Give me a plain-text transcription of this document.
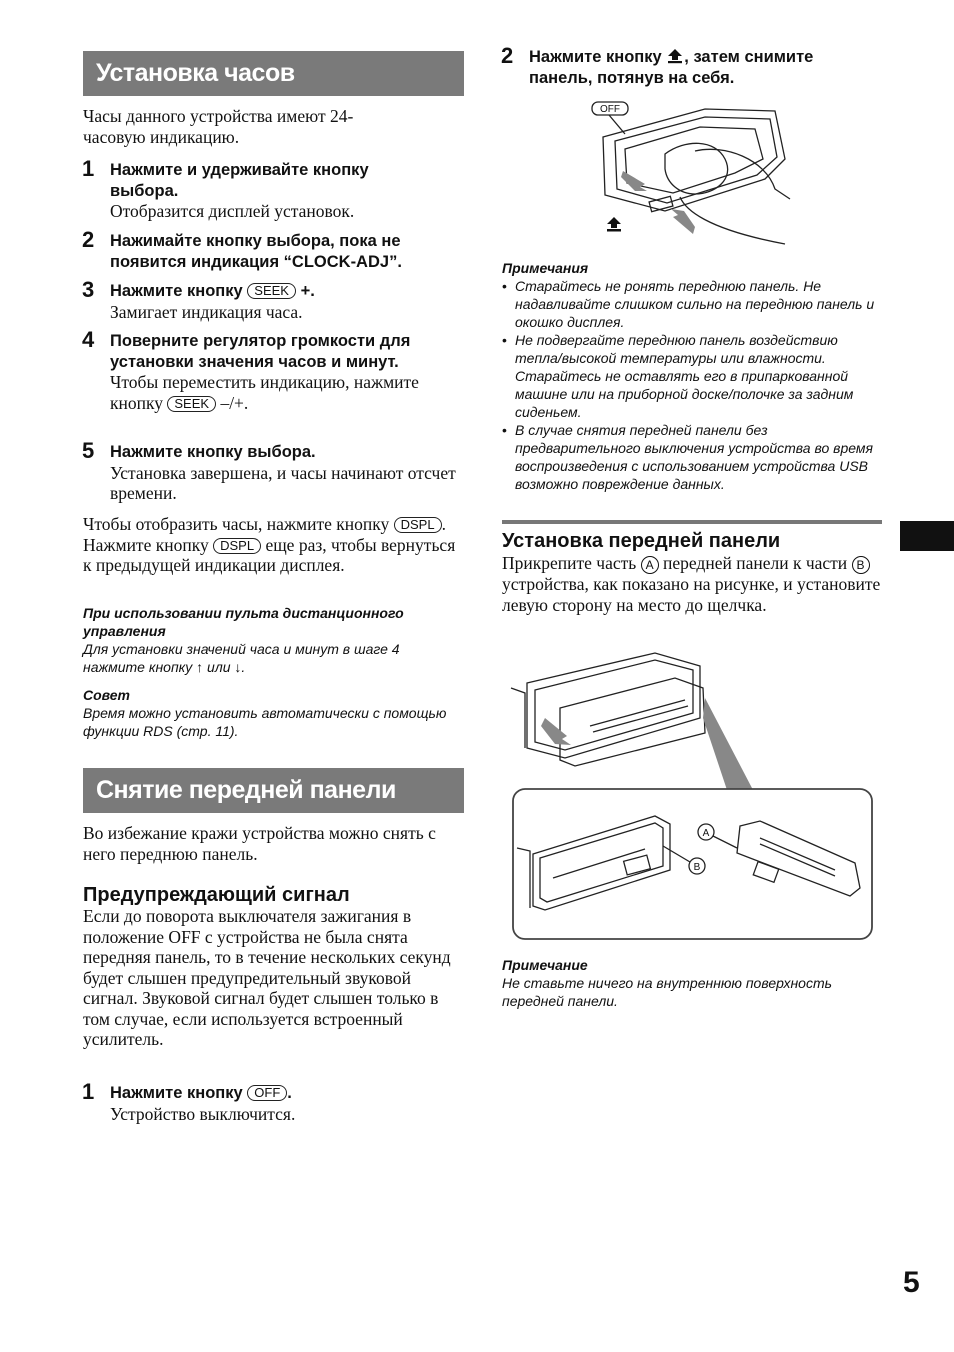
Установка часов
Часы данного устройства имеют 24-часовую индикацию.
1 Нажмите и удерживайте кнопку выбора.
Отобразится дисплей установок.
2 Нажимайте кнопку выбора, пока не появится индикация “CLOCK-ADJ”.
3 Нажмите кнопку SEEK +.
Замигает индикация часа.
4 Поверните регулятор громкости для установки значения часов и минут.
Чтобы переместить индикацию, нажмите кнопку SEEK –/+.
5 Нажмите кнопку выбора.
Установка завершена, и часы начинают отсчет времени.
Чтобы отобразить часы, нажмите кнопку DSPL . Нажмите кнопку DSPL еще раз, чтобы вернуться к предыдущей индикации дисплея.
При использовании пульта дистанционного управления
Для установки значений часа и минут в шаге 4 нажмите кнопку ↑ или ↓.
Совет
Время можно установить автоматически с помощью функции RDS (стр. 11).
Снятие передней панели
Во избежание кражи устройства можно снять с него переднюю панель.
Предупреждающий сигнал
Если до поворота выключателя зажигания в положение OFF с устройства не была снята передняя панель, то в течение нескольких секунд будет слышен предупредительный звуковой сигнал. Звуковой сигнал будет слышен только в том случае, если используется встроенный усилитель.
1 Нажмите кнопку OFF .
Устройство выключится.
2 Нажмите кнопку , затем снимите панель, потянув на себя.
OFF
Примечания
• Старайтесь не ронять переднюю панель. Не надавливайте слишком сильно на переднюю панель и окошко дисплея.
• Не подвергайте переднюю панель воздействию тепла/высокой температуры или влажности. Старайтесь не оставлять его в припаркованной машине или на приборной доске/полочке за задним сиденьем.
• В случае снятия передней панели без предварительного выключения устройства во время воспроизведения с использованием устройства USB возможно повреждение данных.
Установка передней панели
Прикрепите часть A передней панели к части B устройства, как показано на рисунке, и установите левую сторону на место до щелчка.
A
B
Примечание
Не ставьте ничего на внутреннюю поверхность передней панели.
5
